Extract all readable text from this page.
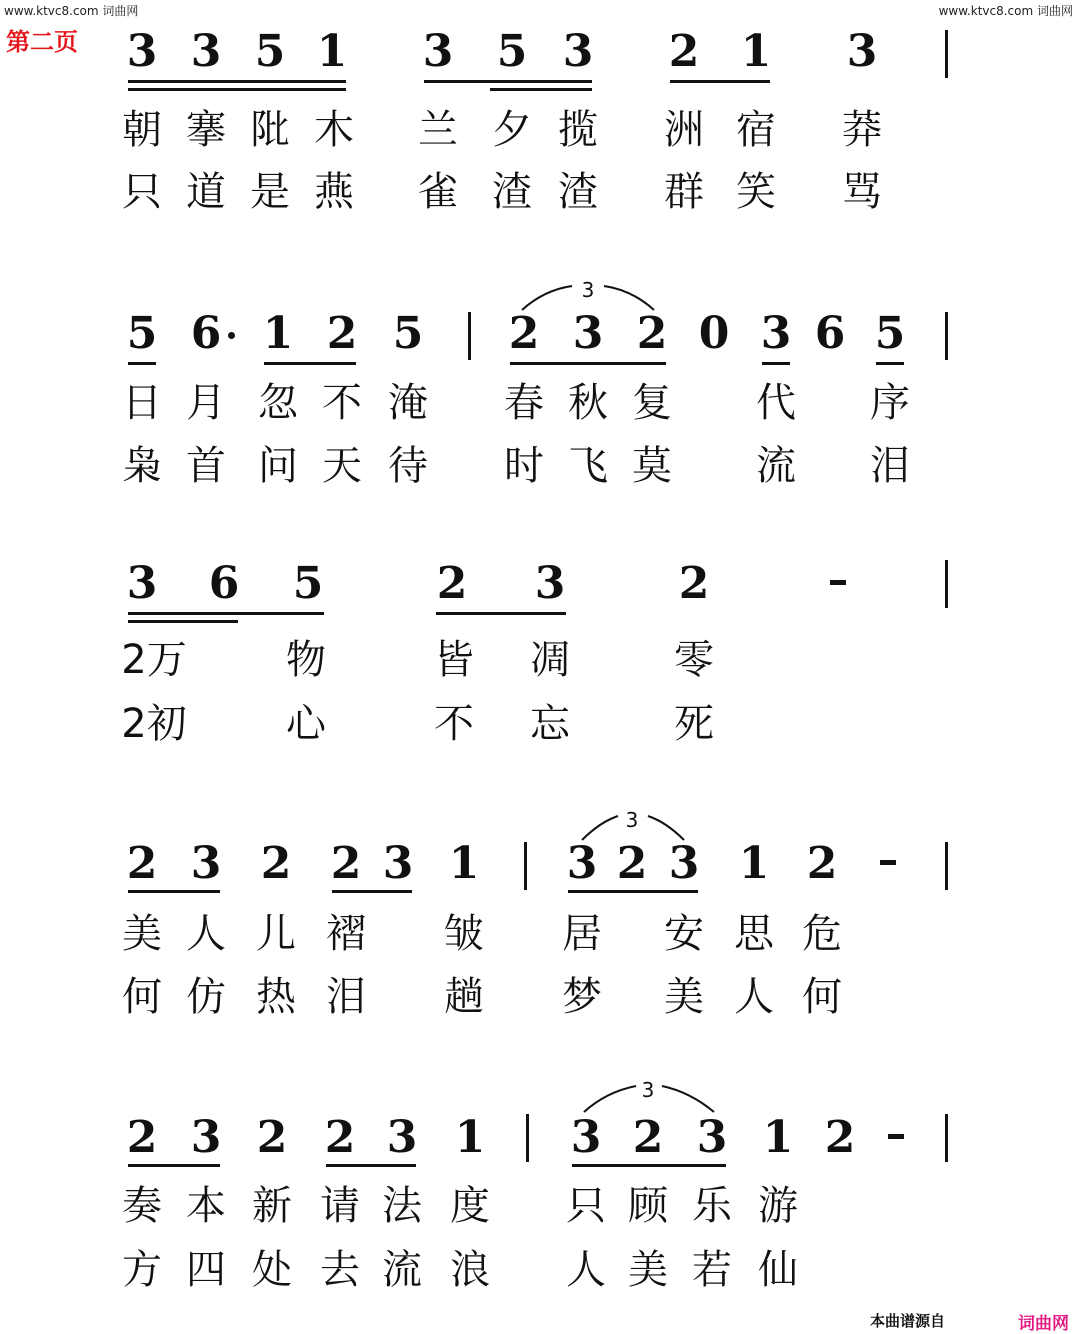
www.ktvc8.com 词曲网	www.ktvc8.com 词曲网
第二页 3 3 5 1 3 5 3 2 1 3
朝 搴 阰 木 兰 夕 揽 洲 宿 莽
只 道 是 燕 雀 渣 渣 群 笑 骂
3
5 6 1 2 5 2 3 2 0 3 6 5
日 月 忽 不 淹 春 秋 复 代 序
枭 首 问 天 待 时 飞 莫 流 泪
3 6 5	2 3	2
2万 物	皆 凋	零
2初 心	不 忘	死
3
2 3 2 2 3 1 3 2 3 1 2
美 人 儿 褶 皱 居 安 思 危
何 仿 热 泪 趟 梦 美 人 何
3
2 3 2 2 3 1 3 2 3 1 2
奏 本 新 请 法 度 只 顾 乐 游
方 四 处 去 流 浪 人 美 若 仙
本曲谱源自	词曲网
